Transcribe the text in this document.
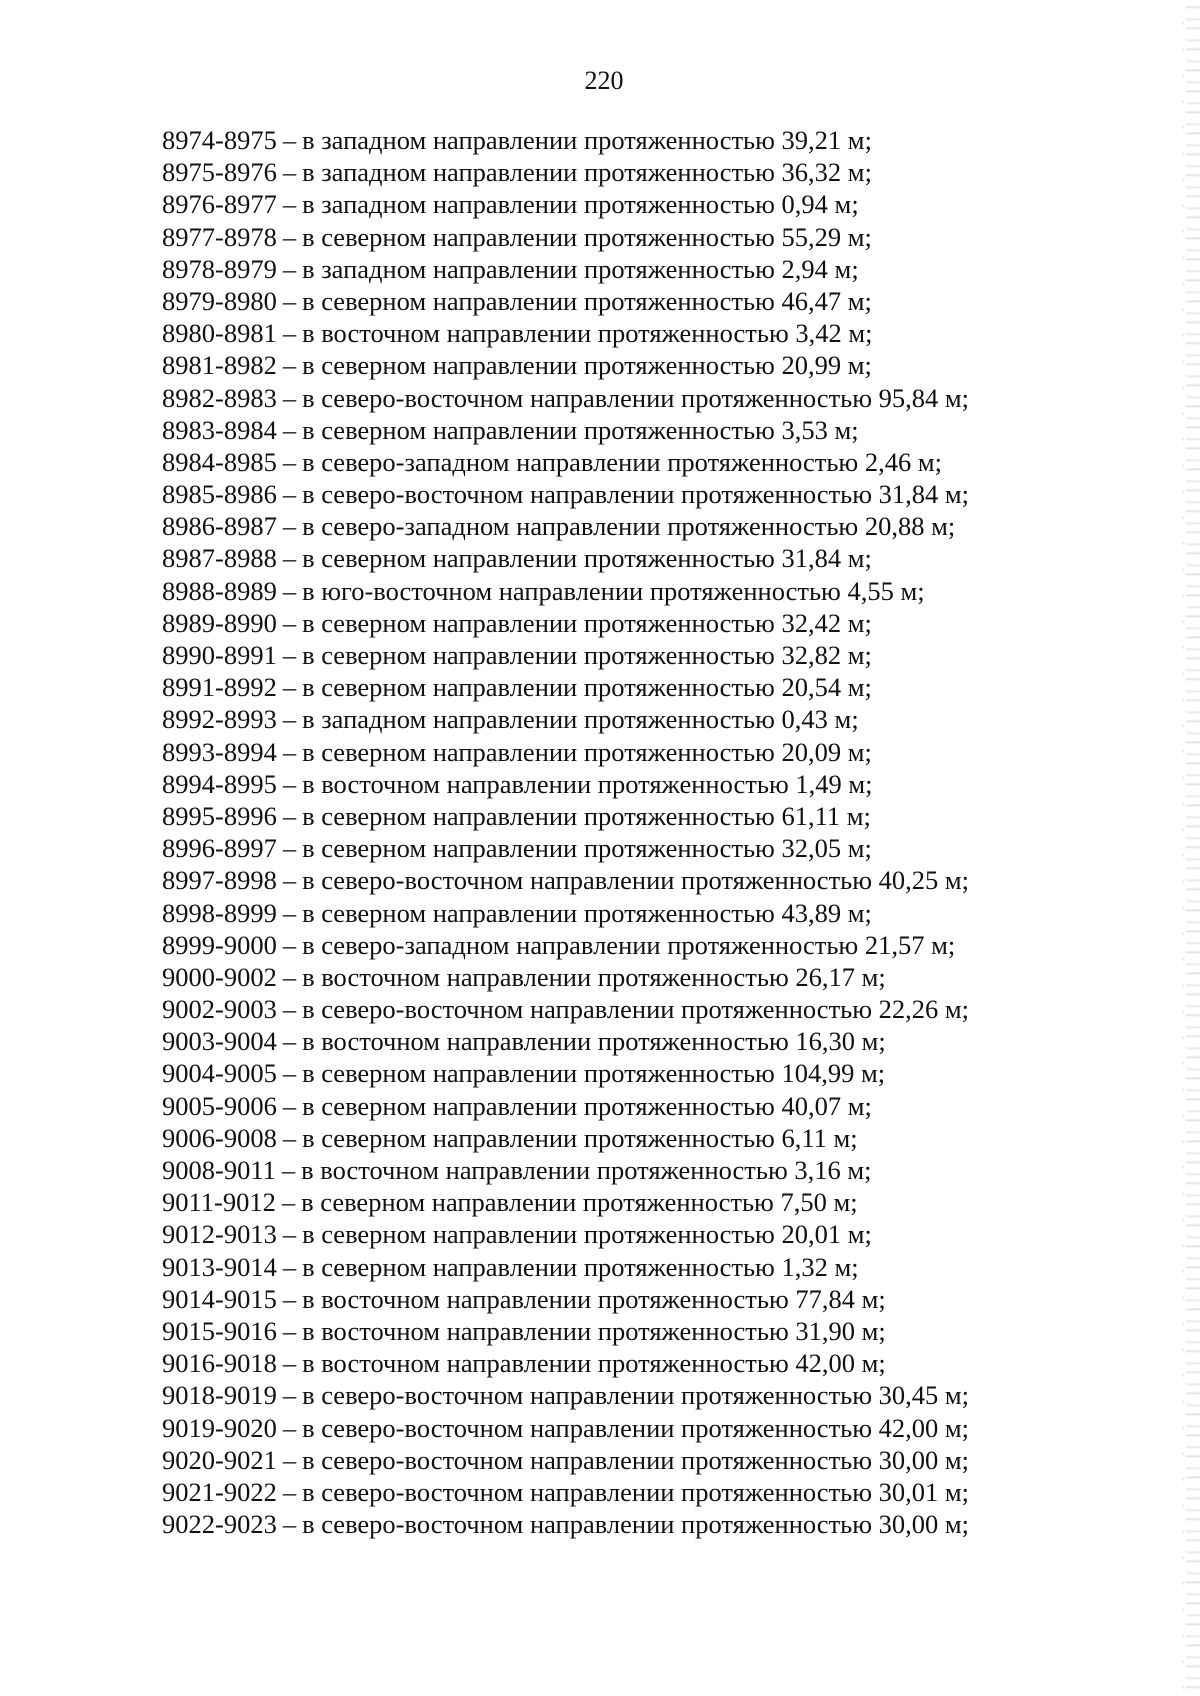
220
8974-8975 – в западном направлении протяженностью 39,21 м;
8975-8976 – в западном направлении протяженностью 36,32 м;
8976-8977 – в западном направлении протяженностью 0,94 м;
8977-8978 – в северном направлении протяженностью 55,29 м;
8978-8979 – в западном направлении протяженностью 2,94 м;
8979-8980 – в северном направлении протяженностью 46,47 м;
8980-8981 – в восточном направлении протяженностью 3,42 м;
8981-8982 – в северном направлении протяженностью 20,99 м;
8982-8983 – в северо-восточном направлении протяженностью 95,84 м;
8983-8984 – в северном направлении протяженностью 3,53 м;
8984-8985 – в северо-западном направлении протяженностью 2,46 м;
8985-8986 – в северо-восточном направлении протяженностью 31,84 м;
8986-8987 – в северо-западном направлении протяженностью 20,88 м;
8987-8988 – в северном направлении протяженностью 31,84 м;
8988-8989 – в юго-восточном направлении протяженностью 4,55 м;
8989-8990 – в северном направлении протяженностью 32,42 м;
8990-8991 – в северном направлении протяженностью 32,82 м;
8991-8992 – в северном направлении протяженностью 20,54 м;
8992-8993 – в западном направлении протяженностью 0,43 м;
8993-8994 – в северном направлении протяженностью 20,09 м;
8994-8995 – в восточном направлении протяженностью 1,49 м;
8995-8996 – в северном направлении протяженностью 61,11 м;
8996-8997 – в северном направлении протяженностью 32,05 м;
8997-8998 – в северо-восточном направлении протяженностью 40,25 м;
8998-8999 – в северном направлении протяженностью 43,89 м;
8999-9000 – в северо-западном направлении протяженностью 21,57 м;
9000-9002 – в восточном направлении протяженностью 26,17 м;
9002-9003 – в северо-восточном направлении протяженностью 22,26 м;
9003-9004 – в восточном направлении протяженностью 16,30 м;
9004-9005 – в северном направлении протяженностью 104,99 м;
9005-9006 – в северном направлении протяженностью 40,07 м;
9006-9008 – в северном направлении протяженностью 6,11 м;
9008-9011 – в восточном направлении протяженностью 3,16 м;
9011-9012 – в северном направлении протяженностью 7,50 м;
9012-9013 – в северном направлении протяженностью 20,01 м;
9013-9014 – в северном направлении протяженностью 1,32 м;
9014-9015 – в восточном направлении протяженностью 77,84 м;
9015-9016 – в восточном направлении протяженностью 31,90 м;
9016-9018 – в восточном направлении протяженностью 42,00 м;
9018-9019 – в северо-восточном направлении протяженностью 30,45 м;
9019-9020 – в северо-восточном направлении протяженностью 42,00 м;
9020-9021 – в северо-восточном направлении протяженностью 30,00 м;
9021-9022 – в северо-восточном направлении протяженностью 30,01 м;
9022-9023 – в северо-восточном направлении протяженностью 30,00 м;
